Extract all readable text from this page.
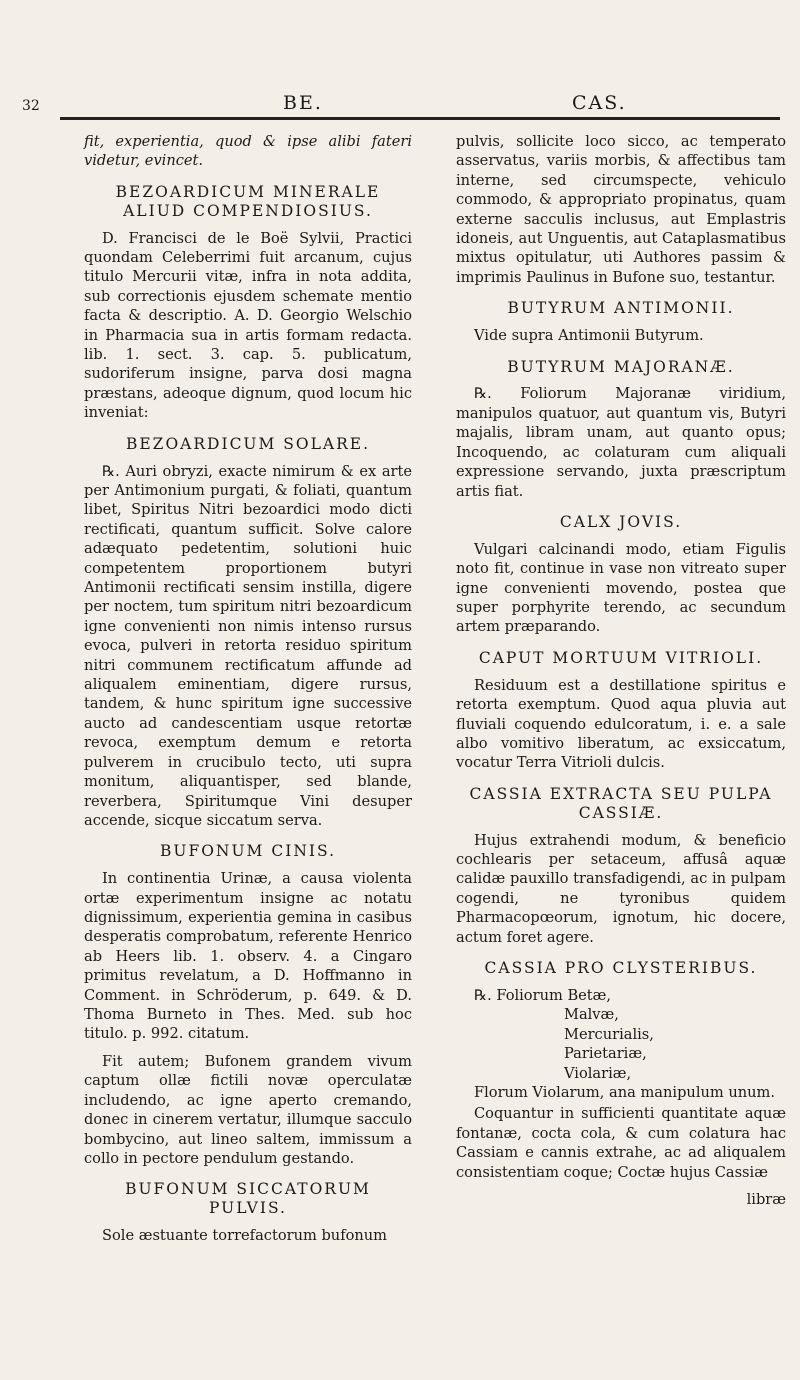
32	BE.	CAS.

fit, experientia, quod & ipse alibi fateri videtur, evincet.

BEZOARDICUM MINERALE ALIUD COMPENDIOSIUS.

D. Francisci de le Boë Sylvii, Practici quondam Celeberrimi fuit arcanum, cujus titulo Mercurii vitæ, infra in nota addita, sub correctionis ejusdem schemate mentio facta & descriptio. A. D. Georgio Welschio in Pharmacia sua in artis formam redacta. lib. 1. sect. 3. cap. 5. publicatum, sudoriferum insigne, parva dosi magna præstans, adeoque dignum, quod locum hic inveniat:

BEZOARDICUM SOLARE.

℞. Auri obryzi, exacte nimirum & ex arte per Antimonium purgati, & foliati, quantum libet, Spiritus Nitri bezoardici modo dicti rectificati, quantum sufficit. Solve calore adæquato pedetentim, solutioni huic competentem proportionem butyri Antimonii rectificati sensim instilla, digere per noctem, tum spiritum nitri bezoardicum igne convenienti non nimis intenso rursus evoca, pulveri in retorta residuo spiritum nitri communem rectificatum affunde ad aliqualem eminentiam, digere rursus, tandem, & hunc spiritum igne successive aucto ad candescentiam usque retortæ revoca, exemptum demum e retorta pulverem in crucibulo tecto, uti supra monitum, aliquantisper, sed blande, reverbera, Spiritumque Vini desuper accende, sicque siccatum serva.

BUFONUM CINIS.

In continentia Urinæ, a causa violenta ortæ experimentum insigne ac notatu dignissimum, experientia gemina in casibus desperatis comprobatum, referente Henrico ab Heers lib. 1. observ. 4. a Cingaro primitus revelatum, a D. Hoffmanno in Comment. in Schröderum, p. 649. & D. Thoma Burneto in Thes. Med. sub hoc titulo. p. 992. citatum.

Fit autem; Bufonem grandem vivum captum ollæ fictili novæ operculatæ includendo, ac igne aperto cremando, donec in cinerem vertatur, illumque sacculo bombycino, aut lineo saltem, immissum a collo in pectore pendulum gestando.

BUFONUM SICCATORUM PULVIS.

Sole æstuante torrefactorum bufonum

pulvis, sollicite loco sicco, ac temperato asservatus, variis morbis, & affectibus tam interne, sed circumspecte, vehiculo commodo, & appropriato propinatus, quam externe sacculis inclusus, aut Emplastris idoneis, aut Unguentis, aut Cataplasmatibus mixtus opitulatur, uti Authores passim & imprimis Paulinus in Bufone suo, testantur.

BUTYRUM ANTIMONII.

Vide supra Antimonii Butyrum.

BUTYRUM MAJORANÆ.

℞. Foliorum Majoranæ viridium, manipulos quatuor, aut quantum vis, Butyri majalis, libram unam, aut quanto opus; Incoquendo, ac colaturam cum aliquali expressione servando, juxta præscriptum artis fiat.

CALX JOVIS.

Vulgari calcinandi modo, etiam Figulis noto fit, continue in vase non vitreato super igne convenienti movendo, postea que super porphyrite terendo, ac secundum artem præparando.

CAPUT MORTUUM VITRIOLI.

Residuum est a destillatione spiritus e retorta exemptum. Quod aqua pluvia aut fluviali coquendo edulcoratum, i. e. a sale albo vomitivo liberatum, ac exsiccatum, vocatur Terra Vitrioli dulcis.

CASSIA EXTRACTA SEU PULPA CASSIÆ.

Hujus extrahendi modum, & beneficio cochlearis per setaceum, affusâ aquæ calidæ pauxillo transfadigendi, ac in pulpam cogendi, ne tyronibus quidem Pharmacopœorum, ignotum, hic docere, actum foret agere.

CASSIA PRO CLYSTERIBUS.
℞. Foliorum Betæ,
Malvæ,
Mercurialis,
Parietariæ,
Violariæ,
Florum Violarum, ana manipulum unum.

Coquantur in sufficienti quantitate aquæ fontanæ, cocta cola, & cum colatura hac Cassiam e cannis extrahe, ac ad aliqualem consistentiam coque; Coctæ hujus Cassiæ

libræ
